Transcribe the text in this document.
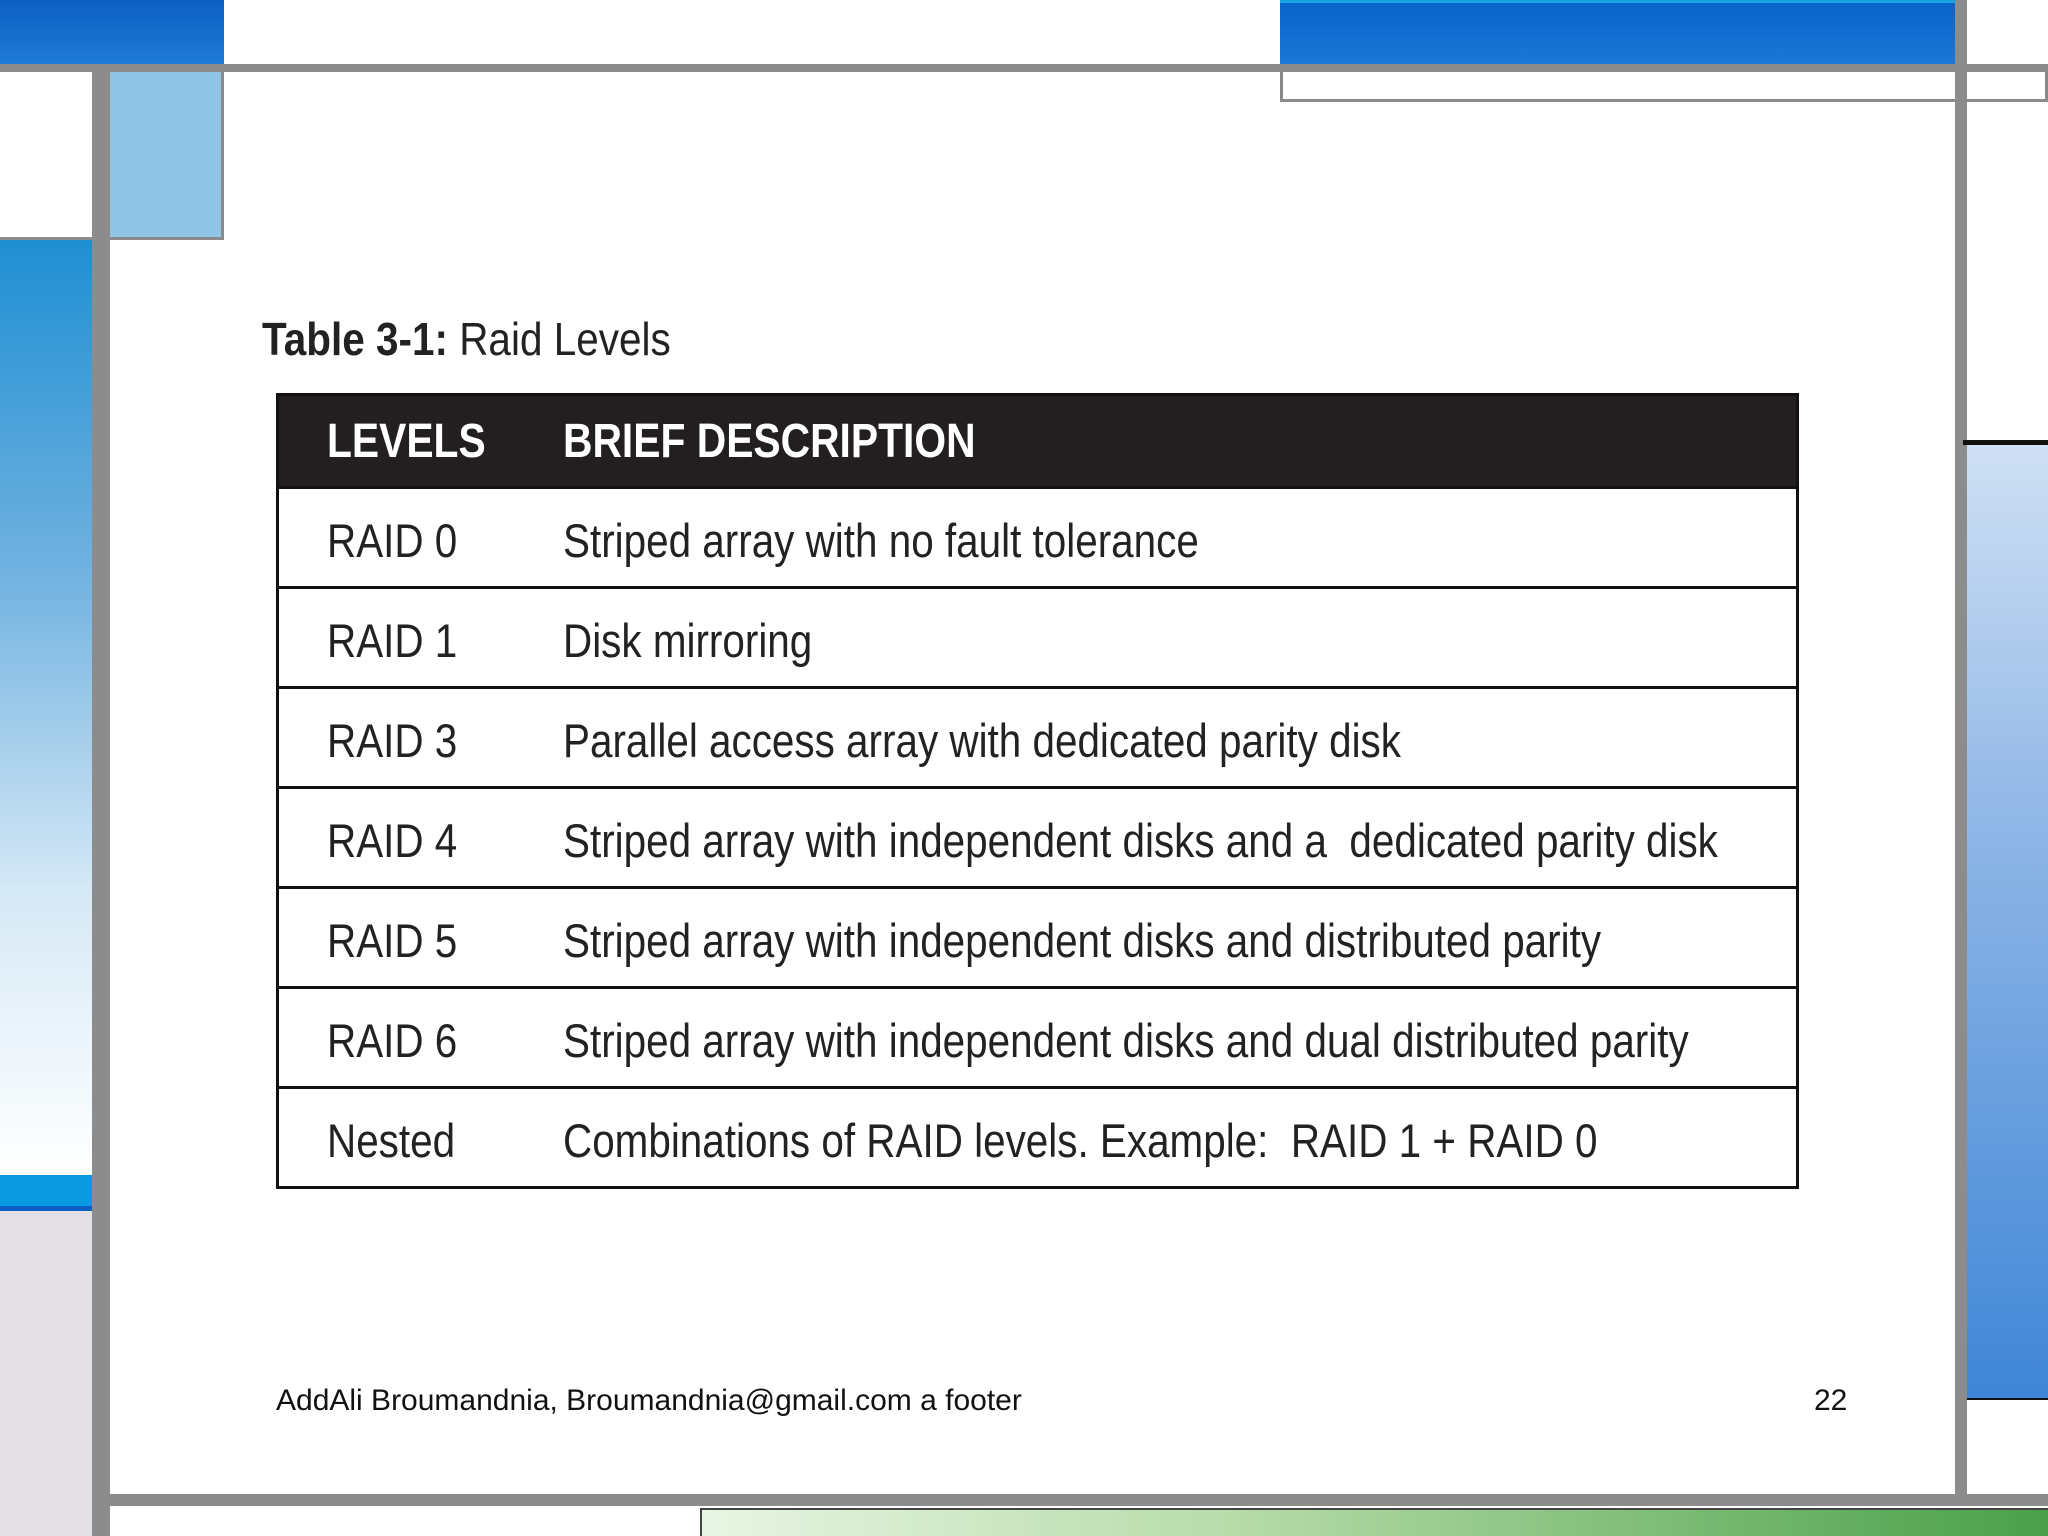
Table 3-1: Raid Levels
LEVELS BRIEF DESCRIPTION
RAID 0 Striped array with no fault tolerance
RAID 1 Disk mirroring
RAID 3 Parallel access array with dedicated parity disk
RAID 4 Striped array with independent disks and a  dedicated parity disk
RAID 5 Striped array with independent disks and distributed parity
RAID 6 Striped array with independent disks and dual distributed parity
Nested Combinations of RAID levels. Example:  RAID 1 + RAID 0
AddAli Broumandnia, Broumandnia@gmail.com a footer	22
